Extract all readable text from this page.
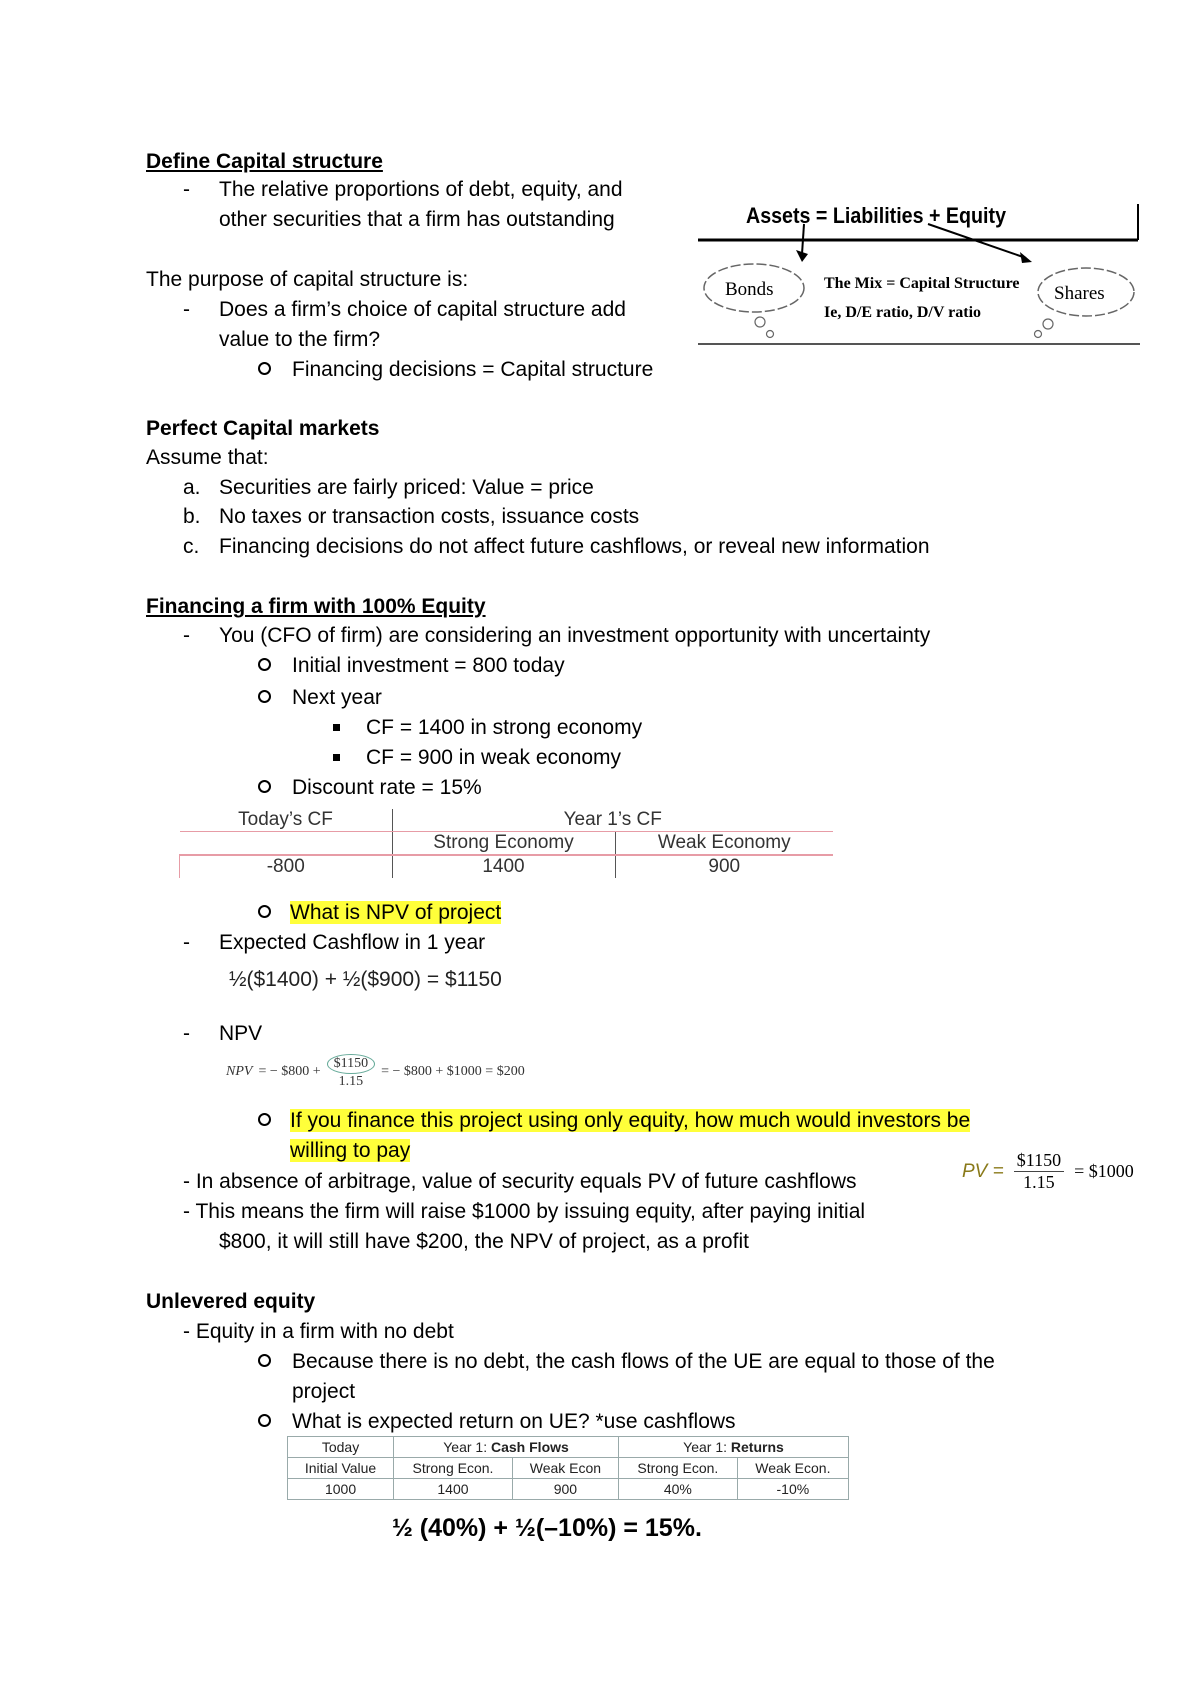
Define Capital structure
- The relative proportions of debt, equity, and
other securities that a firm has outstanding
The purpose of capital structure is:
- Does a firm’s choice of capital structure add
value to the firm?
Financing decisions = Capital structure
Assets = Liabilities + Equity
Bonds	Shares
The Mix = Capital Structure
Ie, D/E ratio, D/V ratio
Perfect Capital markets
Assume that:
a. Securities are fairly priced: Value = price
b. No taxes or transaction costs, issuance costs
c. Financing decisions do not affect future cashflows, or reveal new information
Financing a firm with 100% Equity
- You (CFO of firm) are considering an investment opportunity with uncertainty
Initial investment = 800 today
Next year
CF = 1400 in strong economy
CF = 900 in weak economy
Discount rate = 15%
Today’s CF	Year 1’s CF	
	Strong Economy	Weak Economy
-800	1400	900
What is NPV of project
- Expected Cashflow in 1 year
½($1400) + ½($900) = $1150
- NPV
NPV = − $800 + $\frac{\$1150}{1.15}$ = − $800 + $1000 = $200
If you finance this project using only equity, how much would investors be
willing to pay
- In absence of arbitrage, value of security equals PV of future cashflows
- This means the firm will raise $1000 by issuing equity, after paying initial
$800, it will still have $200, the NPV of project, as a profit
PV = $\frac{\$1150}{1.15}$ = $1000
Unlevered equity
- Equity in a firm with no debt
Because there is no debt, the cash flows of the UE are equal to those of the
project
What is expected return on UE? *use cashflows
Today	Year 1: Cash Flows		Year 1: Returns	
Initial Value	Strong Econ.	Weak Econ	Strong Econ.	Weak Econ.
1000	1400	900	40%	-10%
½ (40%) + ½(–10%) = 15%.
